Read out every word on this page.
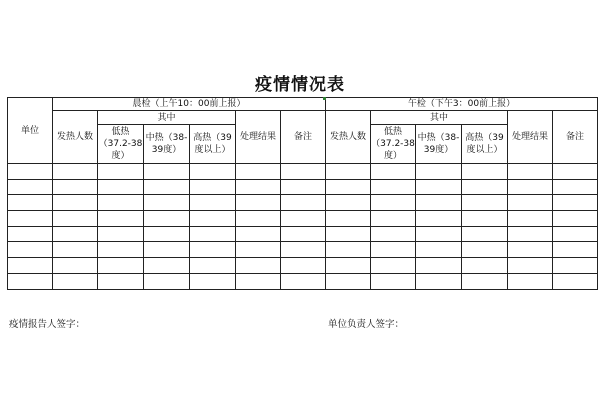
疫情情况表
单位	晨检（上午10：00前上报）						午检（下午3：00前上报）					
	发热人数	其中			处理结果	备注	发热人数	其中			处理结果	备注
		低热（37.2-38度）	中热（38-39度）	高热（39度以上）				低热（37.2-38度）	中热（38-39度）	高热（39度以上）		

疫情报告人签字：	单位负责人签字：
